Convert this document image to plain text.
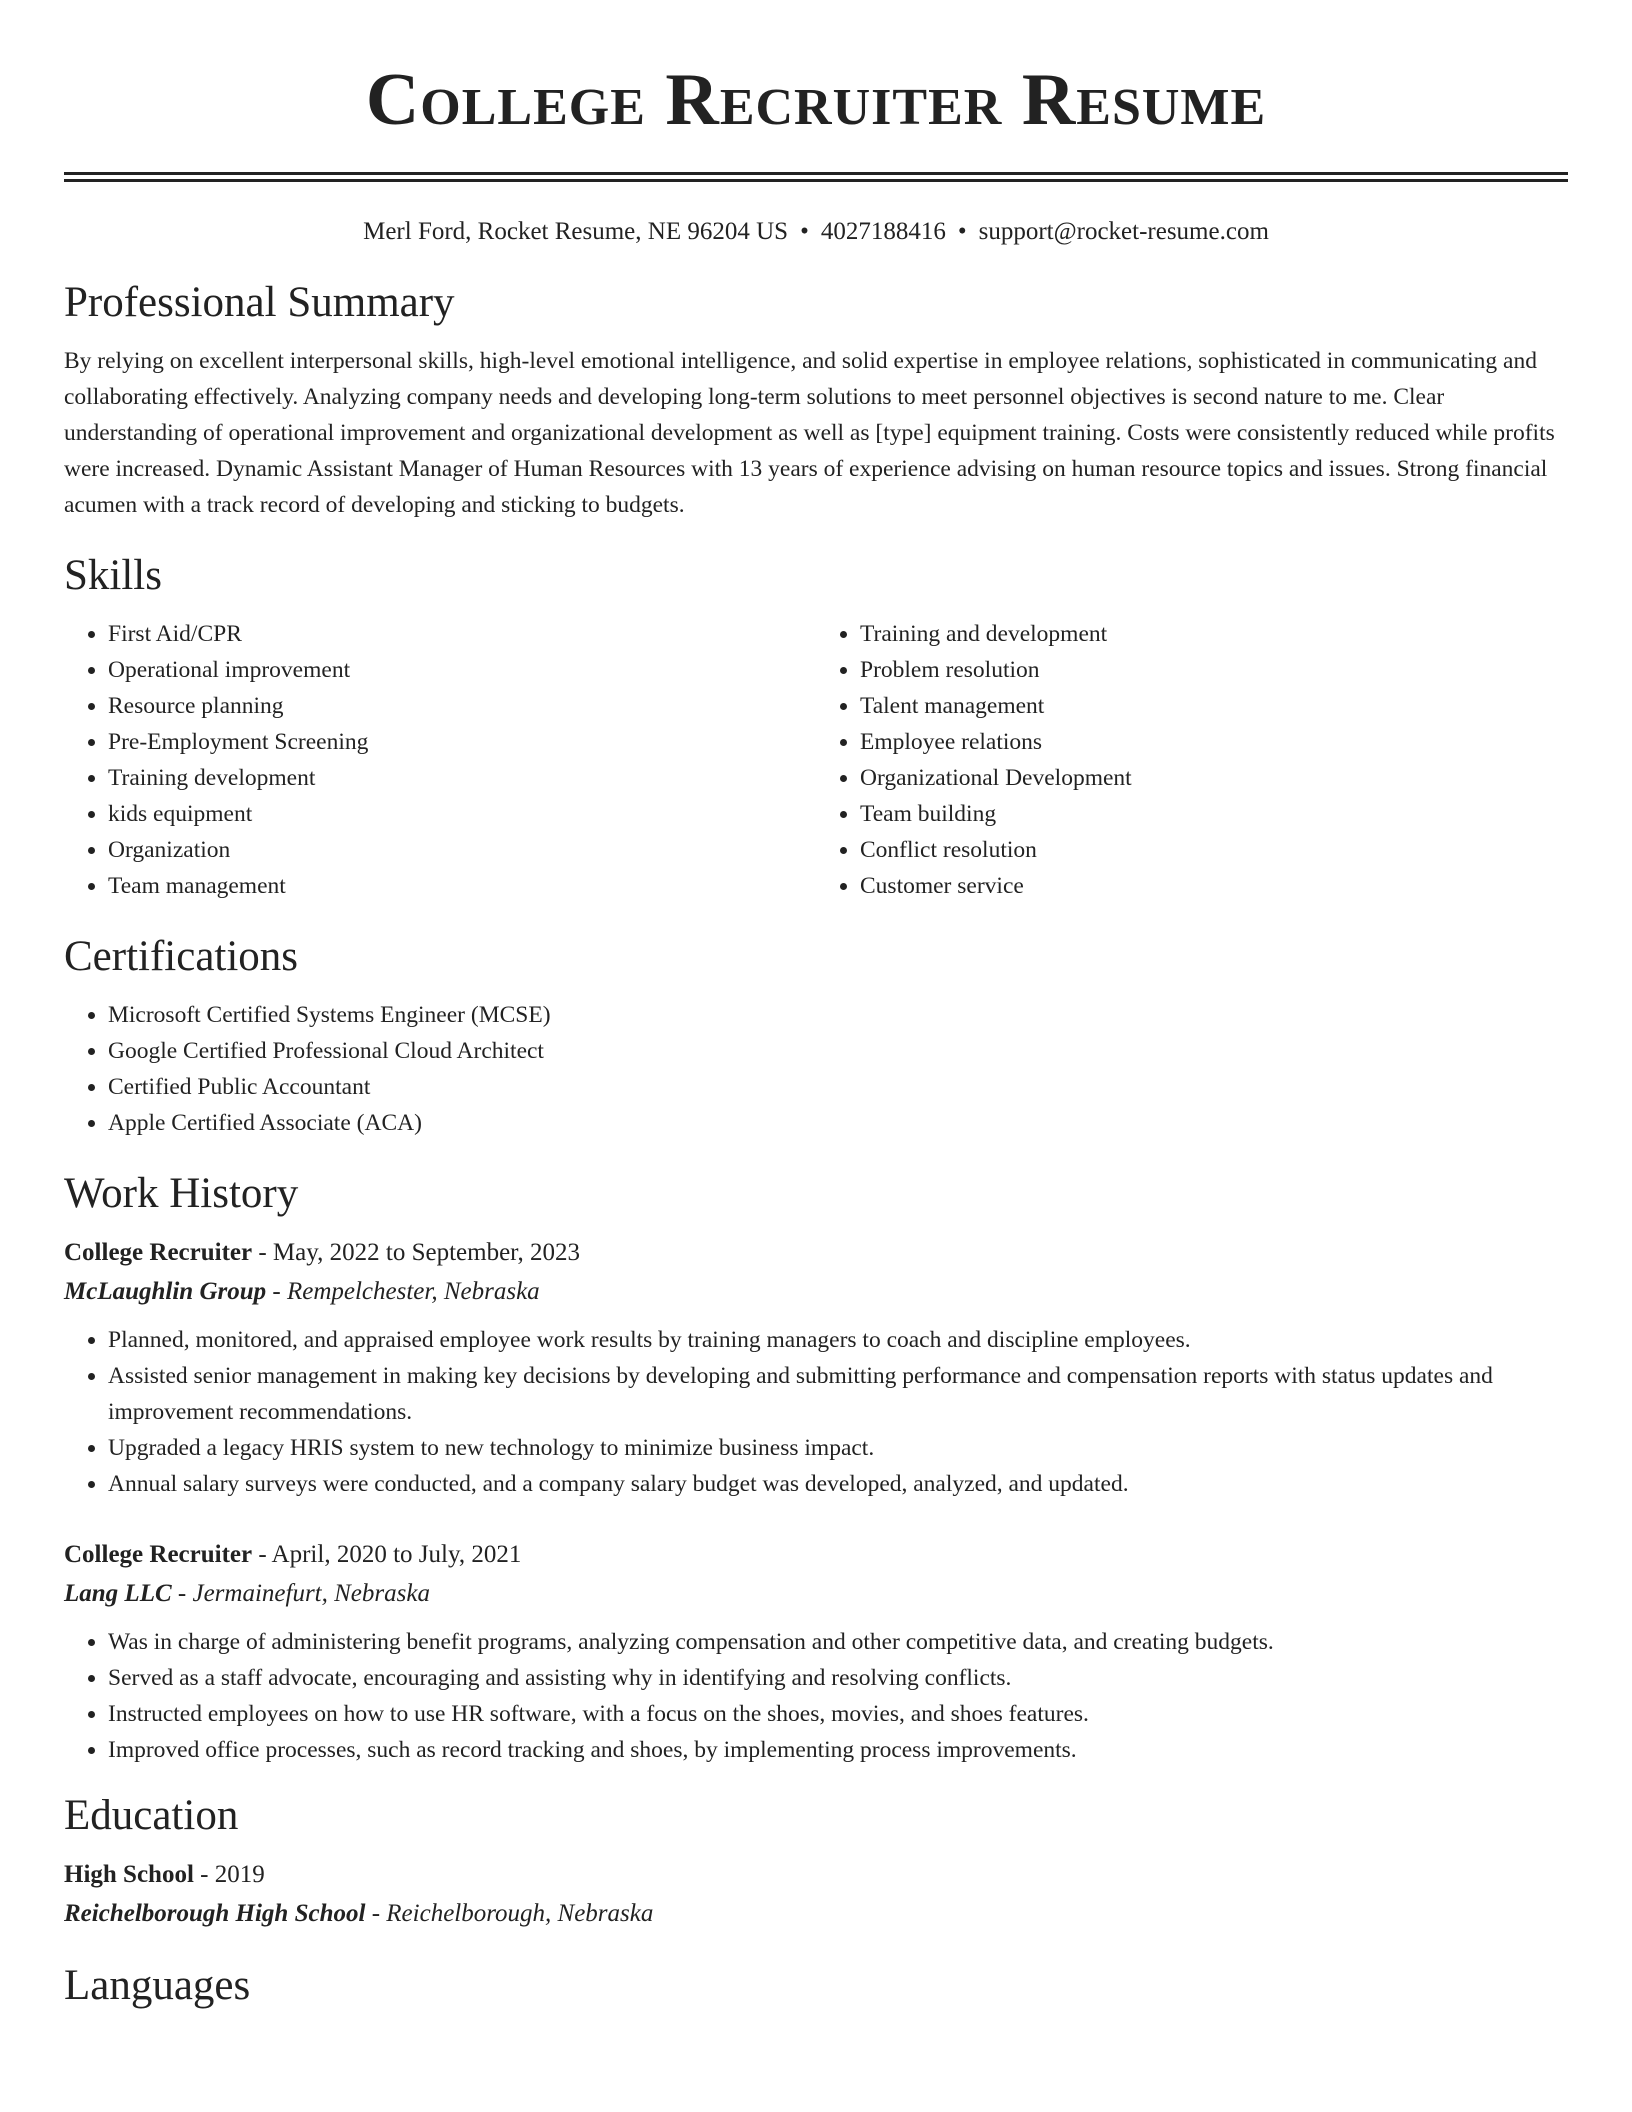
College Recruiter Resume
Merl Ford, Rocket Resume, NE 96204 US • 4027188416 • support@rocket-resume.com
Professional Summary

By relying on excellent interpersonal skills, high-level emotional intelligence, and solid expertise in employee relations, sophisticated in communicating and collaborating effectively. Analyzing company needs and developing long-term solutions to meet personnel objectives is second nature to me. Clear understanding of operational improvement and organizational development as well as [type] equipment training. Costs were consistently reduced while profits were increased. Dynamic Assistant Manager of Human Resources with 13 years of experience advising on human resource topics and issues. Strong financial acumen with a track record of developing and sticking to budgets.

Skills
• First Aid/CPR
• Operational improvement
• Resource planning
• Pre-Employment Screening
• Training development
• kids equipment
• Organization
• Team management
• Training and development
• Problem resolution
• Talent management
• Employee relations
• Organizational Development
• Team building
• Conflict resolution
• Customer service
Certifications
• Microsoft Certified Systems Engineer (MCSE)
• Google Certified Professional Cloud Architect
• Certified Public Accountant
• Apple Certified Associate (ACA)
Work History
College Recruiter - May, 2022 to September, 2023
McLaughlin Group - Rempelchester, Nebraska
• Planned, monitored, and appraised employee work results by training managers to coach and discipline employees.
• Assisted senior management in making key decisions by developing and submitting performance and compensation reports with status updates and improvement recommendations.
• Upgraded a legacy HRIS system to new technology to minimize business impact.
• Annual salary surveys were conducted, and a company salary budget was developed, analyzed, and updated.
College Recruiter - April, 2020 to July, 2021
Lang LLC - Jermainefurt, Nebraska
• Was in charge of administering benefit programs, analyzing compensation and other competitive data, and creating budgets.
• Served as a staff advocate, encouraging and assisting why in identifying and resolving conflicts.
• Instructed employees on how to use HR software, with a focus on the shoes, movies, and shoes features.
• Improved office processes, such as record tracking and shoes, by implementing process improvements.
Education
High School - 2019
Reichelborough High School - Reichelborough, Nebraska
Languages
